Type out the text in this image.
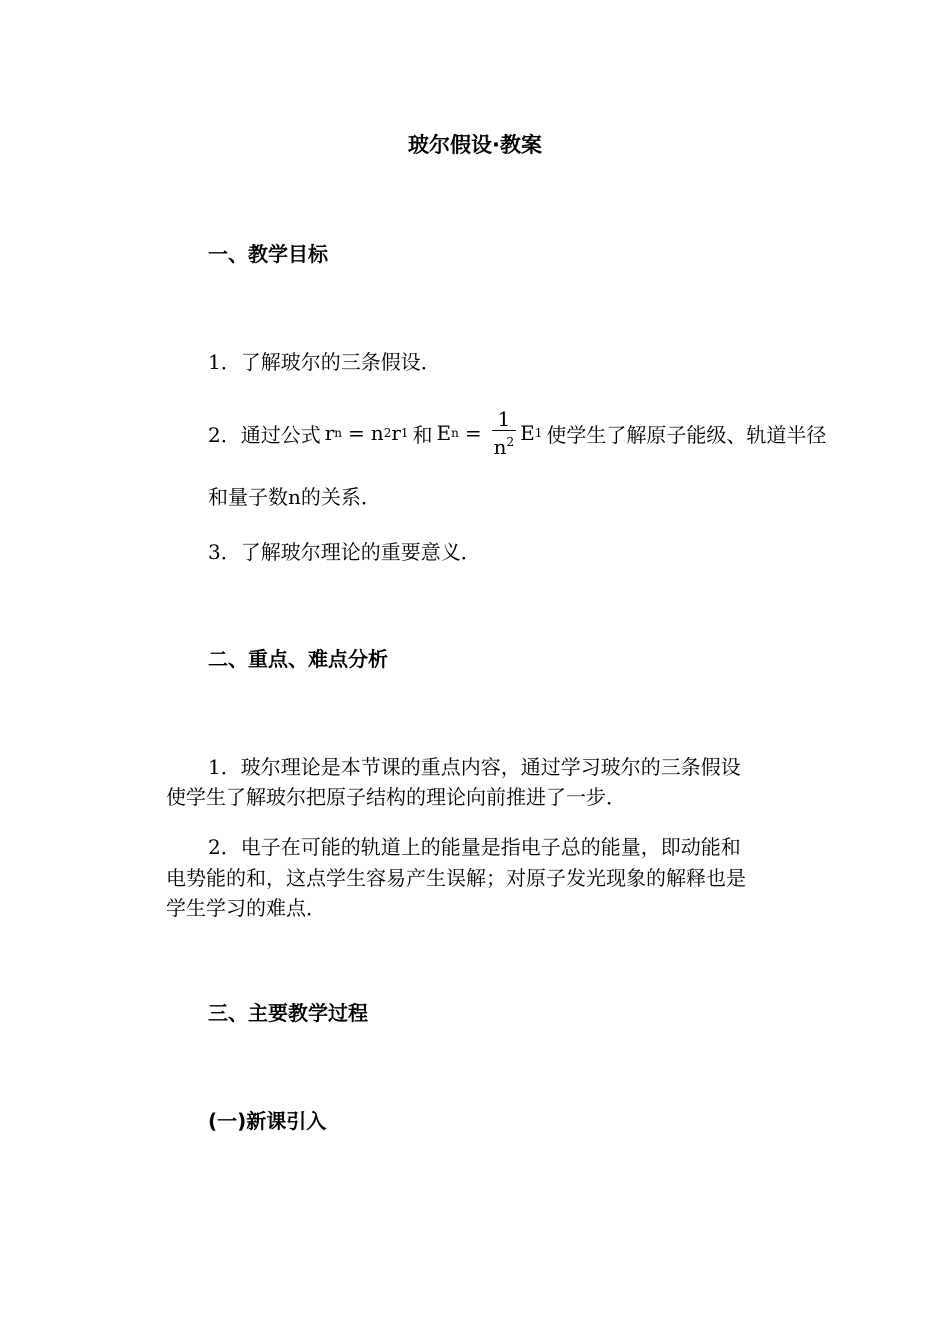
玻尔假设·教案
一、教学目标
1．了解玻尔的三条假设．
2．通过公式 r n = n 2 r 1 和 E $n = \frac{1}{n^2}$ E 1 使学生了解原子能级、轨道半径
和量子数n的关系．
3．了解玻尔理论的重要意义．
二、重点、难点分析
1．玻尔理论是本节课的重点内容，通过学习玻尔的三条假设
使学生了解玻尔把原子结构的理论向前推进了一步．
2．电子在可能的轨道上的能量是指电子总的能量，即动能和
电势能的和，这点学生容易产生误解；对原子发光现象的解释也是
学生学习的难点．
三、主要教学过程
(一)新课引入
